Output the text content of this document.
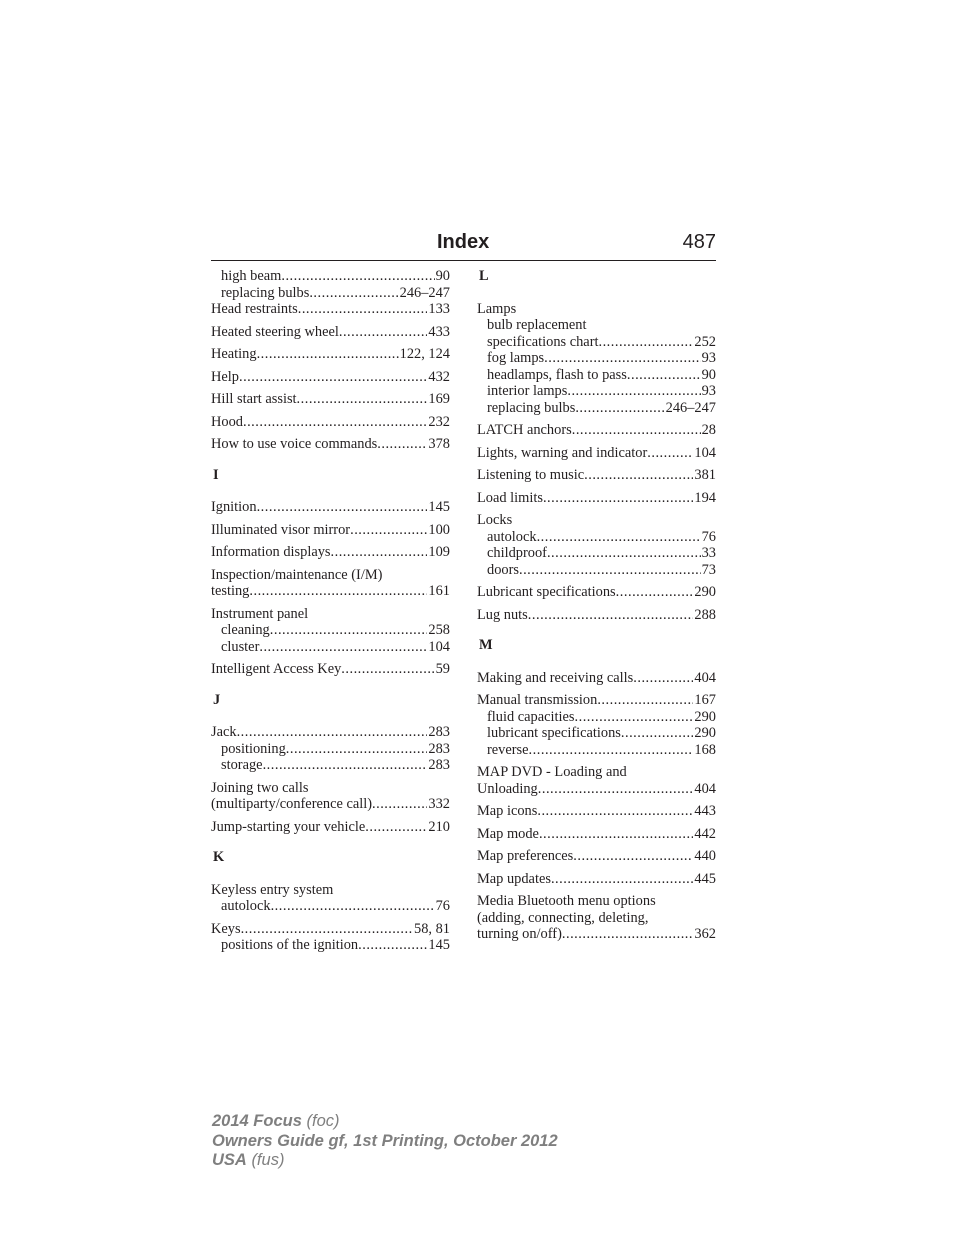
Index	487
high beam .....	90
replacing bulbs .....	246–247
Head restraints .....	133
Heated steering wheel .....	433
Heating .....	122, 124
Help .....	432
Hill start assist .....	169
Hood .....	232
How to use voice commands .....	378
I
Ignition .....	145
Illuminated visor mirror .....	100
Information displays .....	109
Inspection/maintenance (I/M)
testing .....	161
Instrument panel
cleaning .....	258
cluster .....	104
Intelligent Access Key .....	59
J
Jack .....	283
positioning .....	283
storage .....	283
Joining two calls
(multiparty/conference call) .....	332
Jump-starting your vehicle .....	210
K
Keyless entry system
autolock .....	76
Keys .....	58, 81
positions of the ignition .....	145
L
Lamps
bulb replacement
specifications chart .....	252
fog lamps .....	93
headlamps, flash to pass .....	90
interior lamps .....	93
replacing bulbs .....	246–247
LATCH anchors .....	28
Lights, warning and indicator .....	104
Listening to music .....	381
Load limits .....	194
Locks
autolock .....	76
childproof .....	33
doors .....	73
Lubricant specifications .....	290
Lug nuts .....	288
M
Making and receiving calls .....	404
Manual transmission .....	167
fluid capacities .....	290
lubricant specifications .....	290
reverse .....	168
MAP DVD - Loading and
Unloading .....	404
Map icons .....	443
Map mode .....	442
Map preferences .....	440
Map updates .....	445
Media Bluetooth menu options
(adding, connecting, deleting,
turning on/off) .....	362
2014 Focus (foc)
Owners Guide gf, 1st Printing, October 2012
USA (fus)
